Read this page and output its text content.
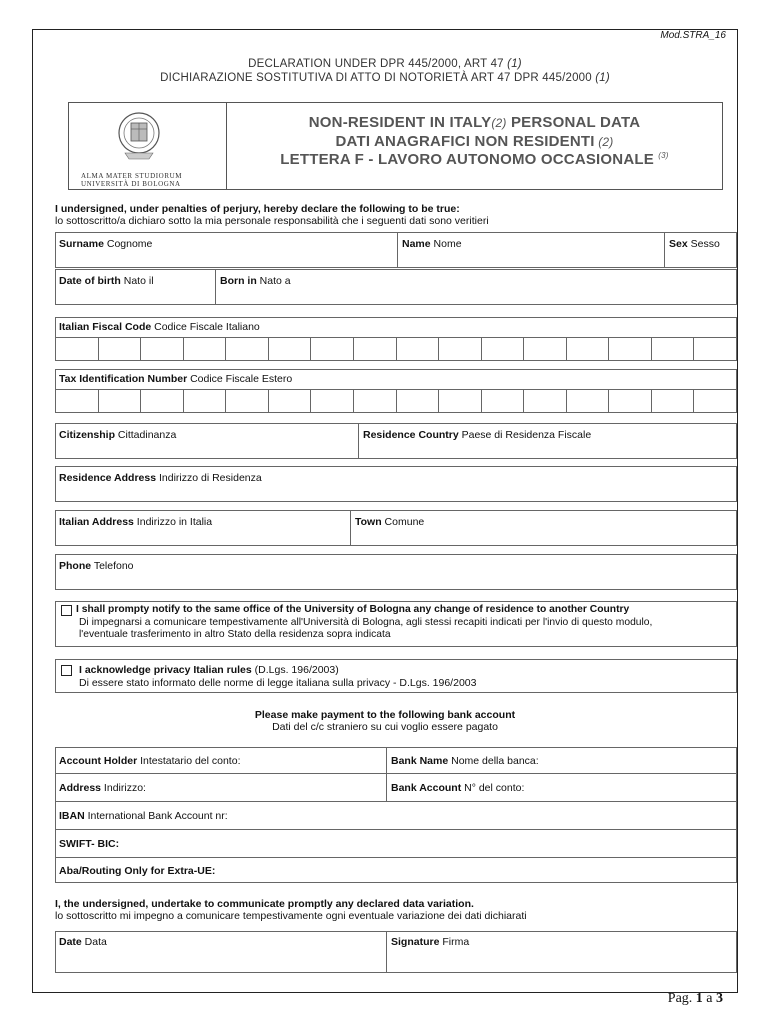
Mod.STRA_16
DECLARATION UNDER DPR 445/2000, ART 47 (1)
DICHIARAZIONE SOSTITUTIVA DI ATTO DI NOTORIETÀ ART 47 DPR 445/2000 (1)
ALMA MATER STUDIORUM
UNIVERSITÀ DI BOLOGNA
NON-RESIDENT IN ITALY(2) PERSONAL DATA
DATI ANAGRAFICI NON RESIDENTI (2)
LETTERA F - LAVORO AUTONOMO OCCASIONALE $^{(3)}$
I undersigned, under penalties of perjury, hereby declare the following to be true:
lo sottoscritto/a dichiaro sotto la mia personale responsabilità che i seguenti dati sono veritieri
Surname Cognome	Name Nome	Sex Sesso
Date of birth Nato il	Born in Nato a
Italian Fiscal Code Codice Fiscale Italiano
Tax Identification Number Codice Fiscale Estero
Citizenship Cittadinanza	Residence Country Paese di Residenza Fiscale
Residence Address Indirizzo di Residenza
Italian Address Indirizzo in Italia	Town Comune
Phone Telefono
I shall prompty notify to the same office of the University of Bologna any change of residence to another Country
Di impegnarsi a comunicare tempestivamente all'Università di Bologna, agli stessi recapiti indicati per l'invio di questo modulo,
l'eventuale trasferimento in altro Stato della residenza sopra indicata
I acknowledge privacy Italian rules (D.Lgs. 196/2003)
Di essere stato informato delle norme di legge italiana sulla privacy - D.Lgs. 196/2003
Please make payment to the following bank account
Dati del c/c straniero su cui voglio essere pagato
Account Holder Intestatario del conto:	Bank Name Nome della banca:
Address Indirizzo:	Bank Account N° del conto:
IBAN International Bank Account nr:
SWIFT- BIC:
Aba/Routing Only for Extra-UE:
I, the undersigned, undertake to communicate promptly any declared data variation.
lo sottoscritto mi impegno a comunicare tempestivamente ogni eventuale variazione dei dati dichiarati
Date Data	Signature Firma
Pag. 1 a 3
